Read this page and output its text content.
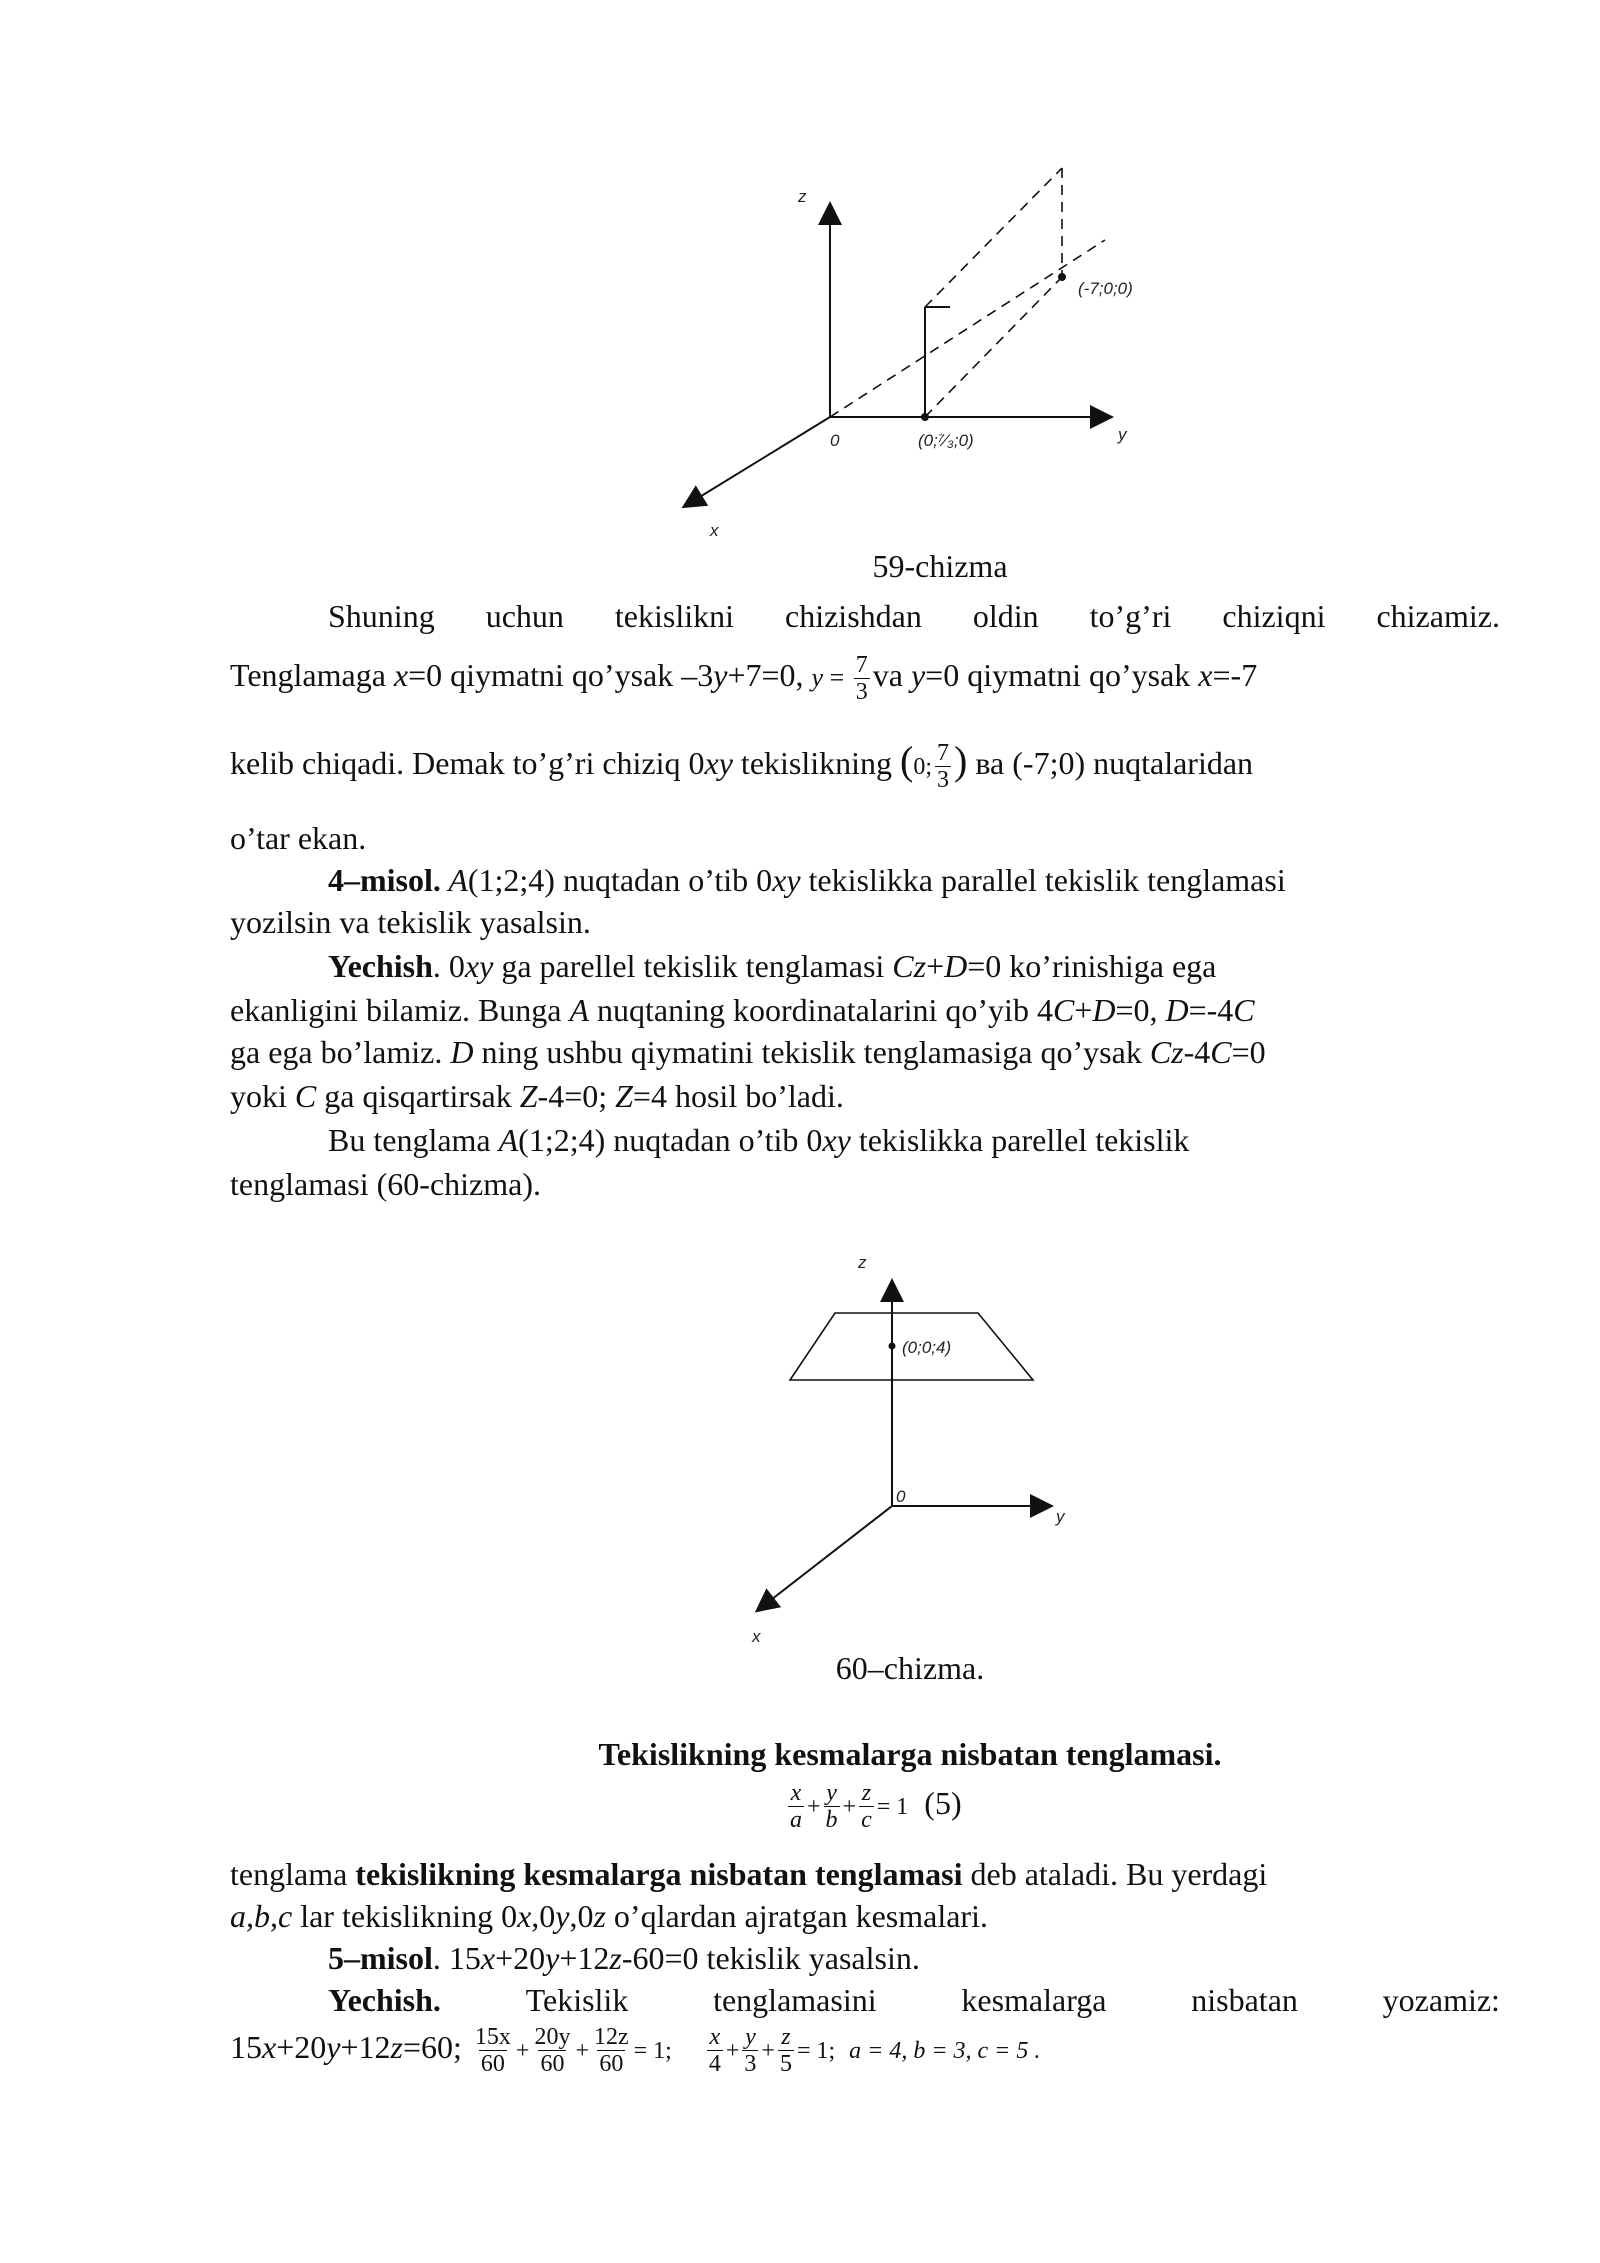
z
y
x
0
(-7;0;0)
(0;⁷⁄₃;0)
59-chizma
Shuning uchun tekislikni chizishdan oldin to’g’ri chiziqni chizamiz.
Tenglamaga x=0 qiymatni qo’ysak –3y+7=0, $y = \frac{7}{3}$ va y=0 qiymatni qo’ysak x=-7
kelib chiqadi. Demak to’g’ri chiziq 0xy tekislikning (0; $\frac{7}{3}$ ) ва (-7;0) nuqtalaridan
o’tar ekan.
4–misol. A(1;2;4) nuqtadan o’tib 0xy tekislikka parallel tekislik tenglamasi
yozilsin va tekislik yasalsin.
Yechish. 0xy ga parellel tekislik tenglamasi Cz+D=0 ko’rinishiga ega
ekanligini bilamiz. Bunga A nuqtaning koordinatalarini qo’yib 4C+D=0, D=-4C
ga ega bo’lamiz. D ning ushbu qiymatini tekislik tenglamasiga qo’ysak Cz-4C=0
yoki C ga qisqartirsak Z-4=0; Z=4 hosil bo’ladi.
Bu tenglama A(1;2;4) nuqtadan o’tib 0xy tekislikka parellel tekislik
tenglamasi (60-chizma).
z
y
x
0
(0;0;4)
60–chizma.
Tekislikning kesmalarga nisbatan tenglamasi.
$\frac{x}{a} + \frac{y}{b} + \frac{z}{c} = 1$ (5)
tenglama tekislikning kesmalarga nisbatan tenglamasi deb ataladi. Bu yerdagi
a,b,c lar tekislikning 0x,0y,0z o’qlardan ajratgan kesmalari.
5–misol. 15x+20y+12z-60=0 tekislik yasalsin.
Yechish.	Tekislik	tenglamasini	kesmalarga	nisbatan	yozamiz:
15x+20y+12z=60; $\frac{15x}{60} + \frac{20y}{60} + \frac{12z}{60} = 1$; $\frac{x}{4} + \frac{y}{3} + \frac{z}{5} = 1$; a = 4, b = 3, c = 5 .
